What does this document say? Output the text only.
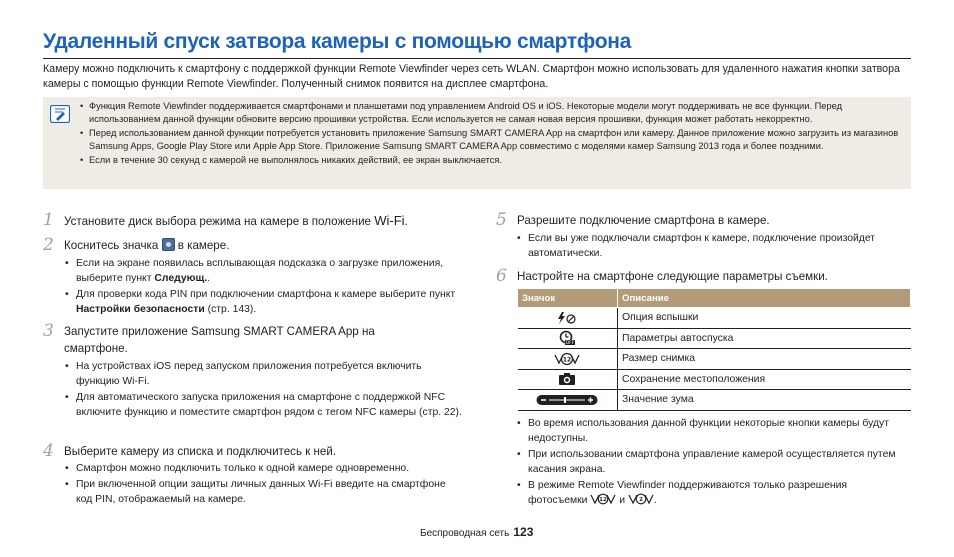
Удаленный спуск затвора камеры с помощью смартфона
Камеру можно подключить к смартфону с поддержкой функции Remote Viewfinder через сеть WLAN. Смартфон можно использовать для удаленного нажатия кнопки затвора камеры с помощью функции Remote Viewfinder. Полученный снимок появится на дисплее смартфона.
• Функция Remote Viewfinder поддерживается смартфонами и планшетами под управлением Android OS и iOS. Некоторые модели могут поддерживать не все функции. Перед использованием данной функции обновите версию прошивки устройства. Если используется не самая новая версия прошивки, функция может работать некорректно.
• Перед использованием данной функции потребуется установить приложение Samsung SMART CAMERA App на смартфон или камеру. Данное приложение можно загрузить из магазинов Samsung Apps, Google Play Store или Apple App Store. Приложение Samsung SMART CAMERA App совместимо с моделями камер Samsung 2013 года и более поздними.
• Если в течение 30 секунд с камерой не выполнялось никаких действий, ее экран выключается.
1 Установите диск выбора режима на камере в положение Wi-Fi.
2 Коснитесь значка  в камере.
• Если на экране появилась всплывающая подсказка о загрузке приложения, выберите пункт Следующ..
• Для проверки кода PIN при подключении смартфона к камере выберите пункт Настройки безопасности (стр. 143).
3 Запустите приложение Samsung SMART CAMERA App на смартфоне.
• На устройствах iOS перед запуском приложения потребуется включить функцию Wi-Fi.
• Для автоматического запуска приложения на смартфоне с поддержкой NFC включите функцию и поместите смартфон рядом с тегом NFC камеры (стр. 22).
4 Выберите камеру из списка и подключитесь к ней.
• Смартфон можно подключить только к одной камере одновременно.
• При включенной опции защиты личных данных Wi-Fi введите на смартфоне код PIN, отображаемый на камере.
5 Разрешите подключение смартфона в камере.
• Если вы уже подключали смартфон к камере, подключение произойдет автоматически.
6 Настройте на смартфоне следующие параметры съемки.
Значок	Описание
	Опция вспышки

OFF	Параметры автоспуска

12	Размер снимка
	Сохранение местоположения
	Значение зума
• Во время использования данной функции некоторые кнопки камеры будут недоступны.
• При использовании смартфона управление камерой осуществляется путем касания экрана.
• В режиме Remote Viewfinder поддерживаются только разрешения фотосъемки 12 и 2 .
Беспроводная сеть 123
